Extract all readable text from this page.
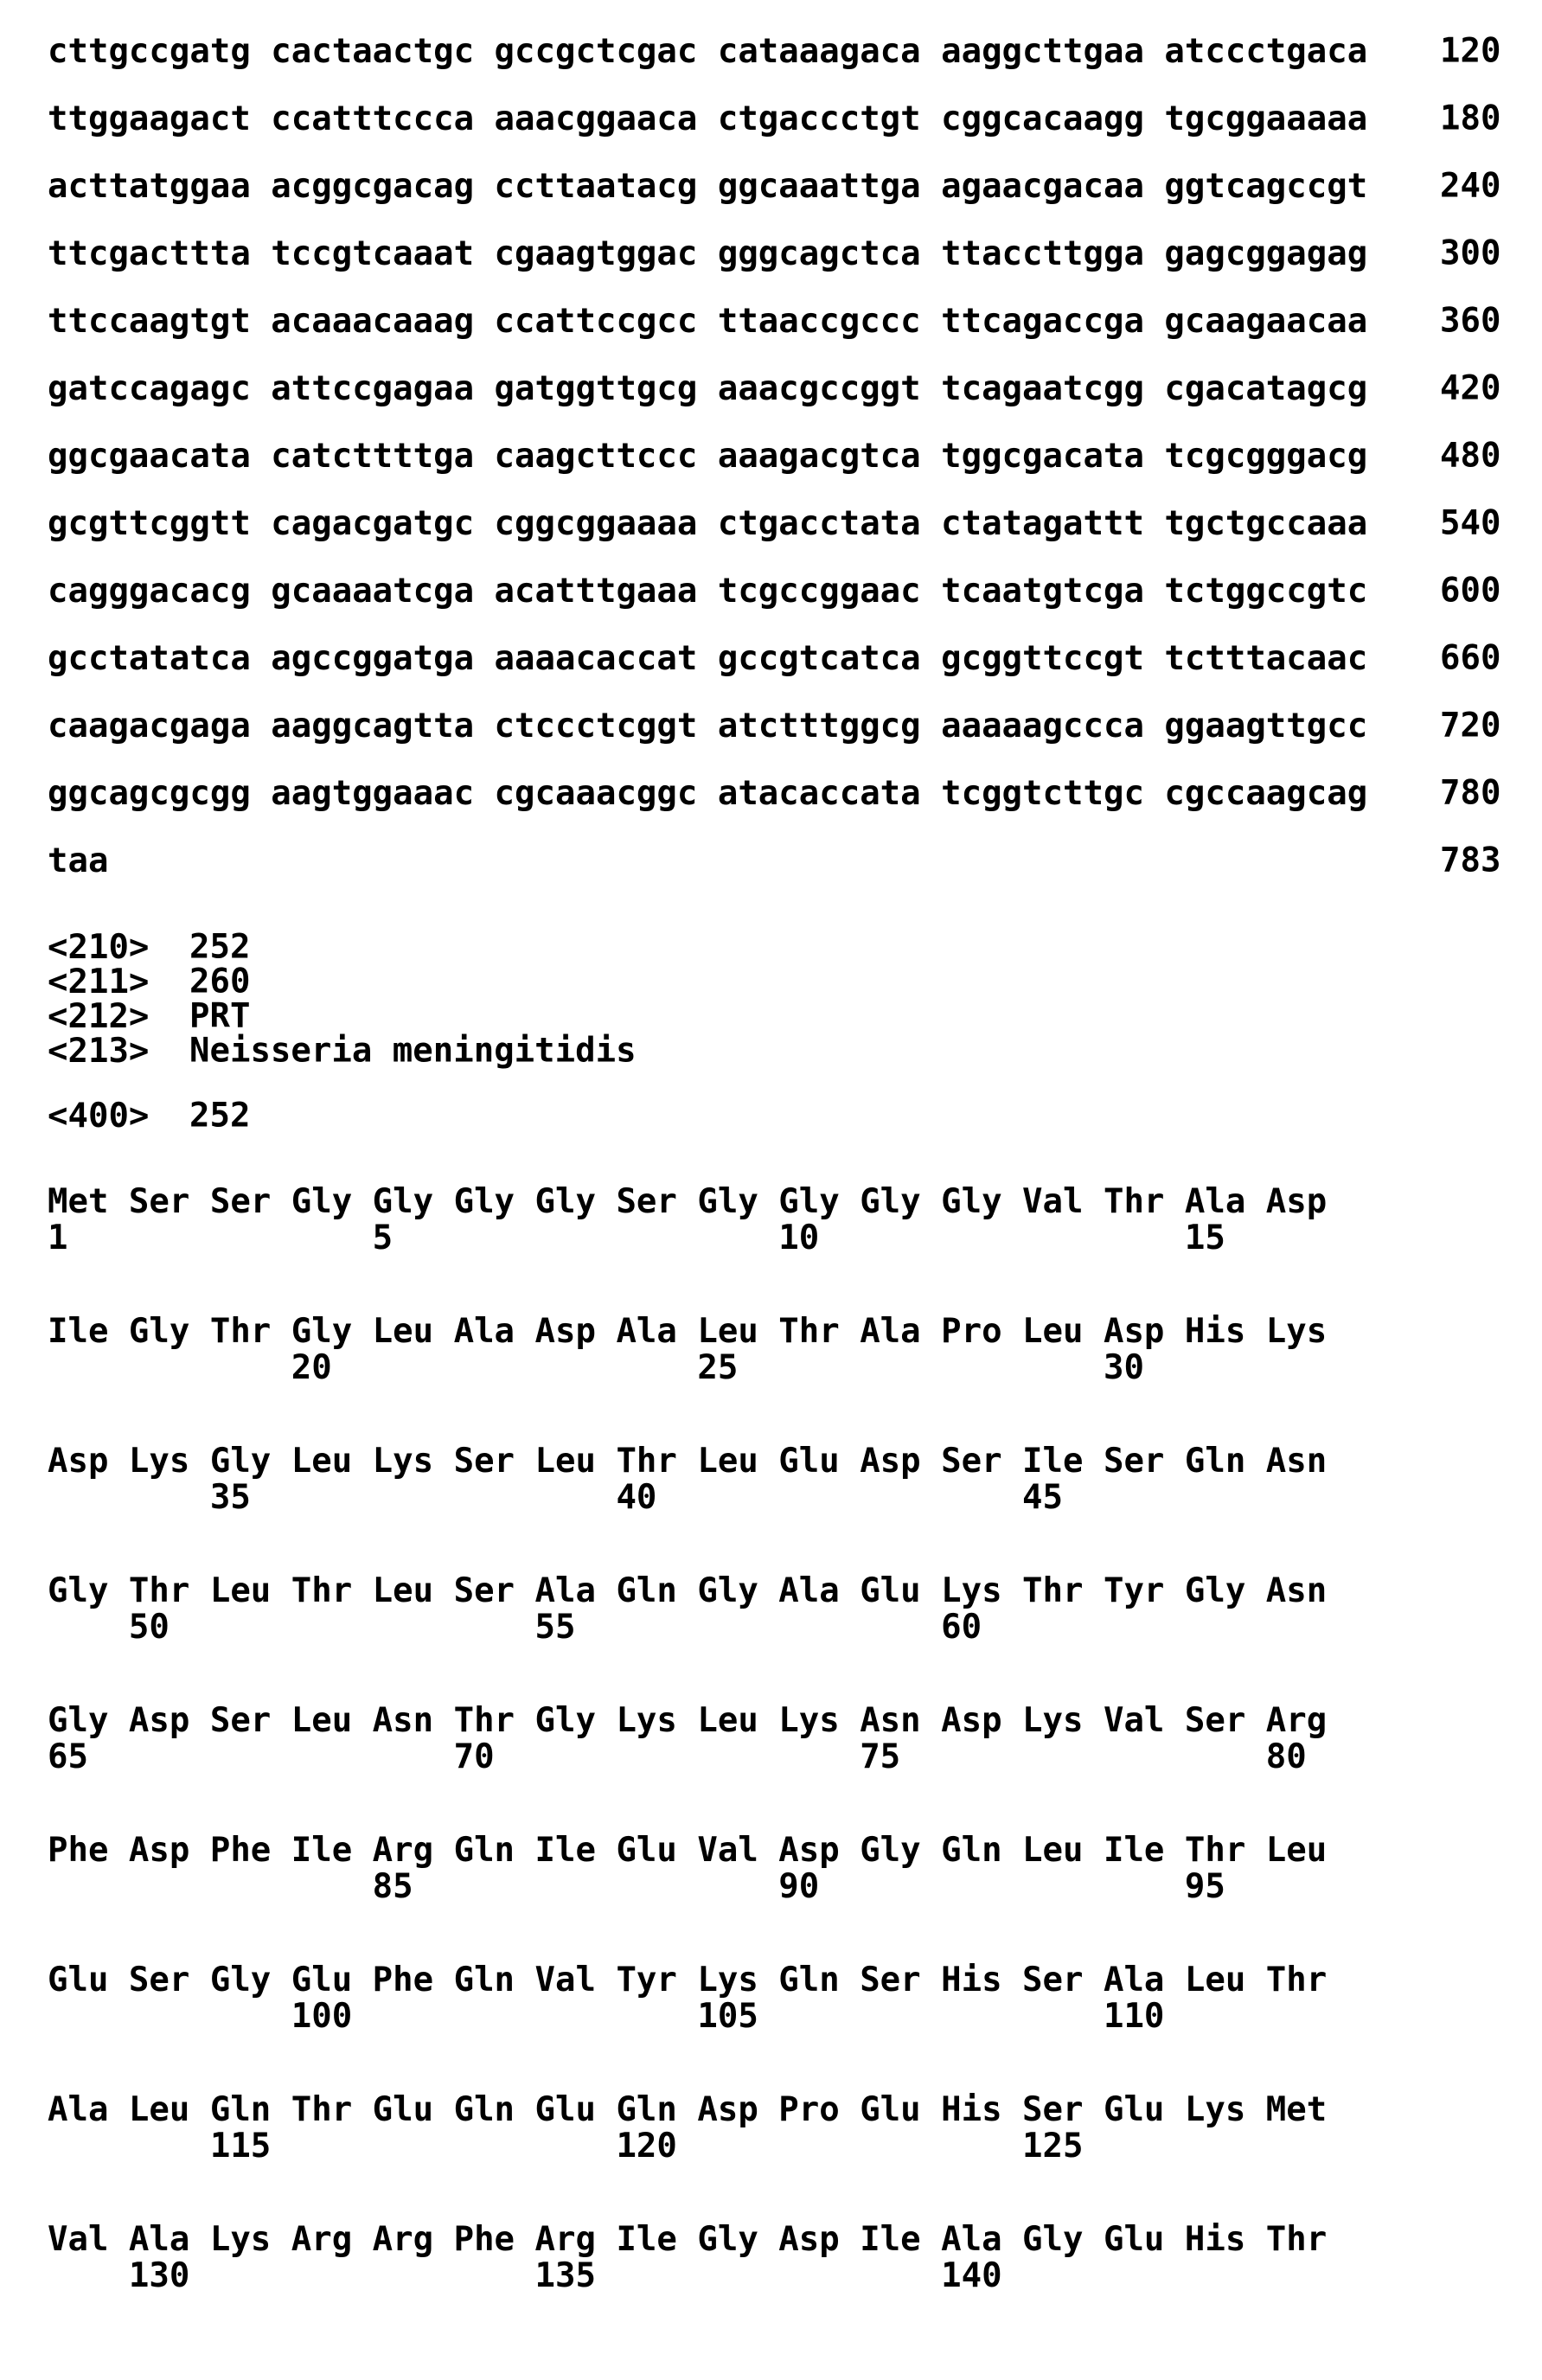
cttgccgatg cactaactgc gccgctcgac cataaagaca aaggcttgaa atccctgaca 120
ttggaagact ccatttccca aaacggaaca ctgaccctgt cggcacaagg tgcggaaaaa 180
acttatggaa acggcgacag ccttaatacg ggcaaattga agaacgacaa ggtcagccgt 240
ttcgacttta tccgtcaaat cgaagtggac gggcagctca ttaccttgga gagcggagag 300
ttccaagtgt acaaacaaag ccattccgcc ttaaccgccc ttcagaccga gcaagaacaa 360
gatccagagc attccgagaa gatggttgcg aaacgccggt tcagaatcgg cgacatagcg 420
ggcgaacata catcttttga caagcttccc aaagacgtca tggcgacata tcgcgggacg 480
gcgttcggtt cagacgatgc cggcggaaaa ctgacctata ctatagattt tgctgccaaa 540
cagggacacg gcaaaatcga acatttgaaa tcgccggaac tcaatgtcga tctggccgtc 600
gcctatatca agccggatga aaaacaccat gccgtcatca gcggttccgt tctttacaac 660
caagacgaga aaggcagtta ctccctcggt atctttggcg aaaaagccca ggaagttgcc 720
ggcagcgcgg aagtggaaac cgcaaacggc atacaccata tcggtcttgc cgccaagcag 780
taa	783
<210> 252
<211> 260
<212> PRT
<213> Neisseria meningitidis
<400> 252
Met Ser Ser Gly Gly Gly Gly Ser Gly Gly Gly Gly Val Thr Ala Asp
1               5                   10                  15
Ile Gly Thr Gly Leu Ala Asp Ala Leu Thr Ala Pro Leu Asp His Lys
20                  25                  30
Asp Lys Gly Leu Lys Ser Leu Thr Leu Glu Asp Ser Ile Ser Gln Asn
35                  40                  45
Gly Thr Leu Thr Leu Ser Ala Gln Gly Ala Glu Lys Thr Tyr Gly Asn
50                  55                  60
Gly Asp Ser Leu Asn Thr Gly Lys Leu Lys Asn Asp Lys Val Ser Arg
65                  70                  75                  80
Phe Asp Phe Ile Arg Gln Ile Glu Val Asp Gly Gln Leu Ile Thr Leu
85                  90                  95
Glu Ser Gly Glu Phe Gln Val Tyr Lys Gln Ser His Ser Ala Leu Thr
100                 105                 110
Ala Leu Gln Thr Glu Gln Glu Gln Asp Pro Glu His Ser Glu Lys Met
115                 120                 125
Val Ala Lys Arg Arg Phe Arg Ile Gly Asp Ile Ala Gly Glu His Thr
130                 135                 140
